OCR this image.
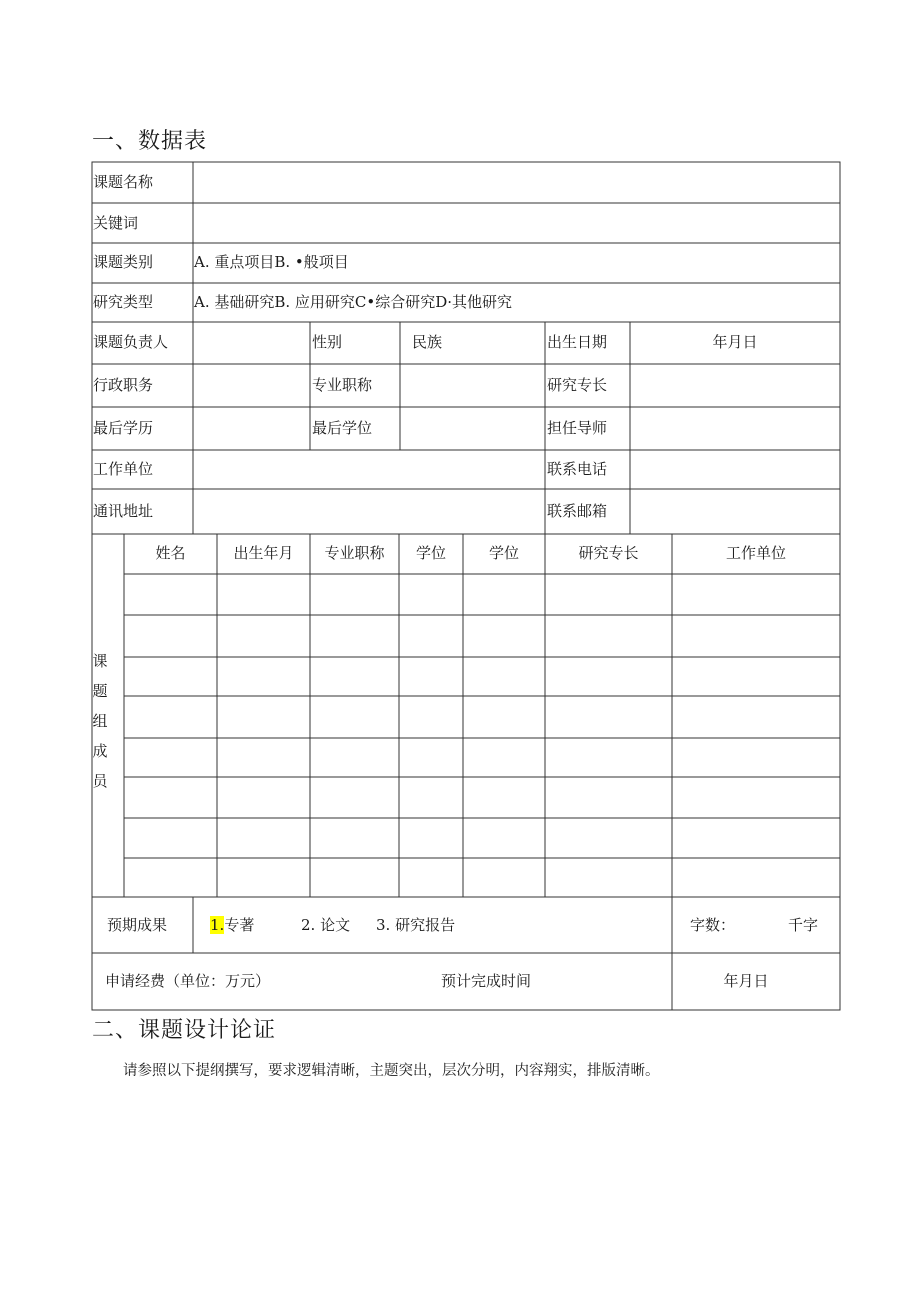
一、数据表
课题名称
关键词
课题类别	A. 重点项目B. •般项目
研究类型	A. 基础研究B. 应用研究C•综合研究D·其他研究
课题负责人	性别	民族	出生日期	年月日
行政职务	专业职称	研究专长
最后学历	最后学位	担任导师
工作单位	联系电话
通讯地址	联系邮箱
课
题
组
成
员
姓名	出生年月	专业职称	学位	学位	研究专长	工作单位
预期成果	1.专著	2. 论文 3. 研究报告	字数：	千字
申请经费（单位：万元）	预计完成时间	年月日
二、课题设计论证
请参照以下提纲撰写，要求逻辑清晰，主题突出，层次分明，内容翔实，排版清晰。
